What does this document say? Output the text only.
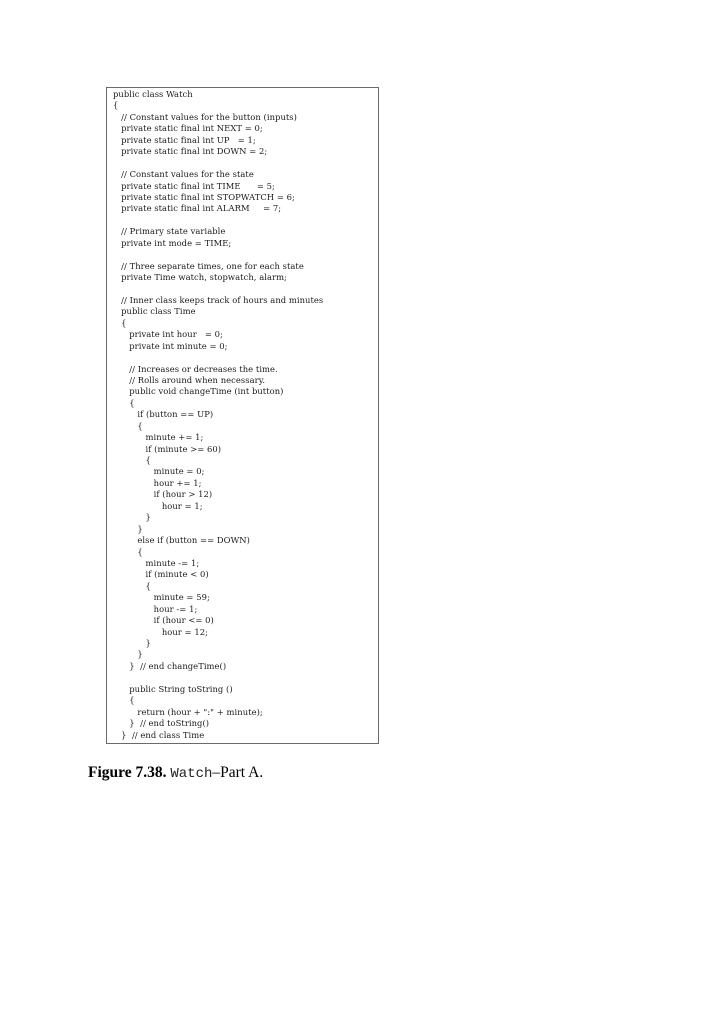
public class Watch
{
// Constant values for the button (inputs)
private static final int NEXT = 0;
private static final int UP   = 1;
private static final int DOWN = 2;
// Constant values for the state
private static final int TIME      = 5;
private static final int STOPWATCH = 6;
private static final int ALARM     = 7;
// Primary state variable
private int mode = TIME;
// Three separate times, one for each state
private Time watch, stopwatch, alarm;
// Inner class keeps track of hours and minutes
public class Time
{
private int hour   = 0;
private int minute = 0;
// Increases or decreases the time.
// Rolls around when necessary.
public void changeTime (int button)
{
if (button == UP)
{
minute += 1;
if (minute >= 60)
{
minute = 0;
hour += 1;
if (hour > 12)
hour = 1;
}
}
else if (button == DOWN)
{
minute -= 1;
if (minute < 0)
{
minute = 59;
hour -= 1;
if (hour <= 0)
hour = 12;
}
}
}  // end changeTime()
public String toString ()
{
return (hour + ":" + minute);
}  // end toString()
}  // end class Time
Figure 7.38. Watch–Part A.
